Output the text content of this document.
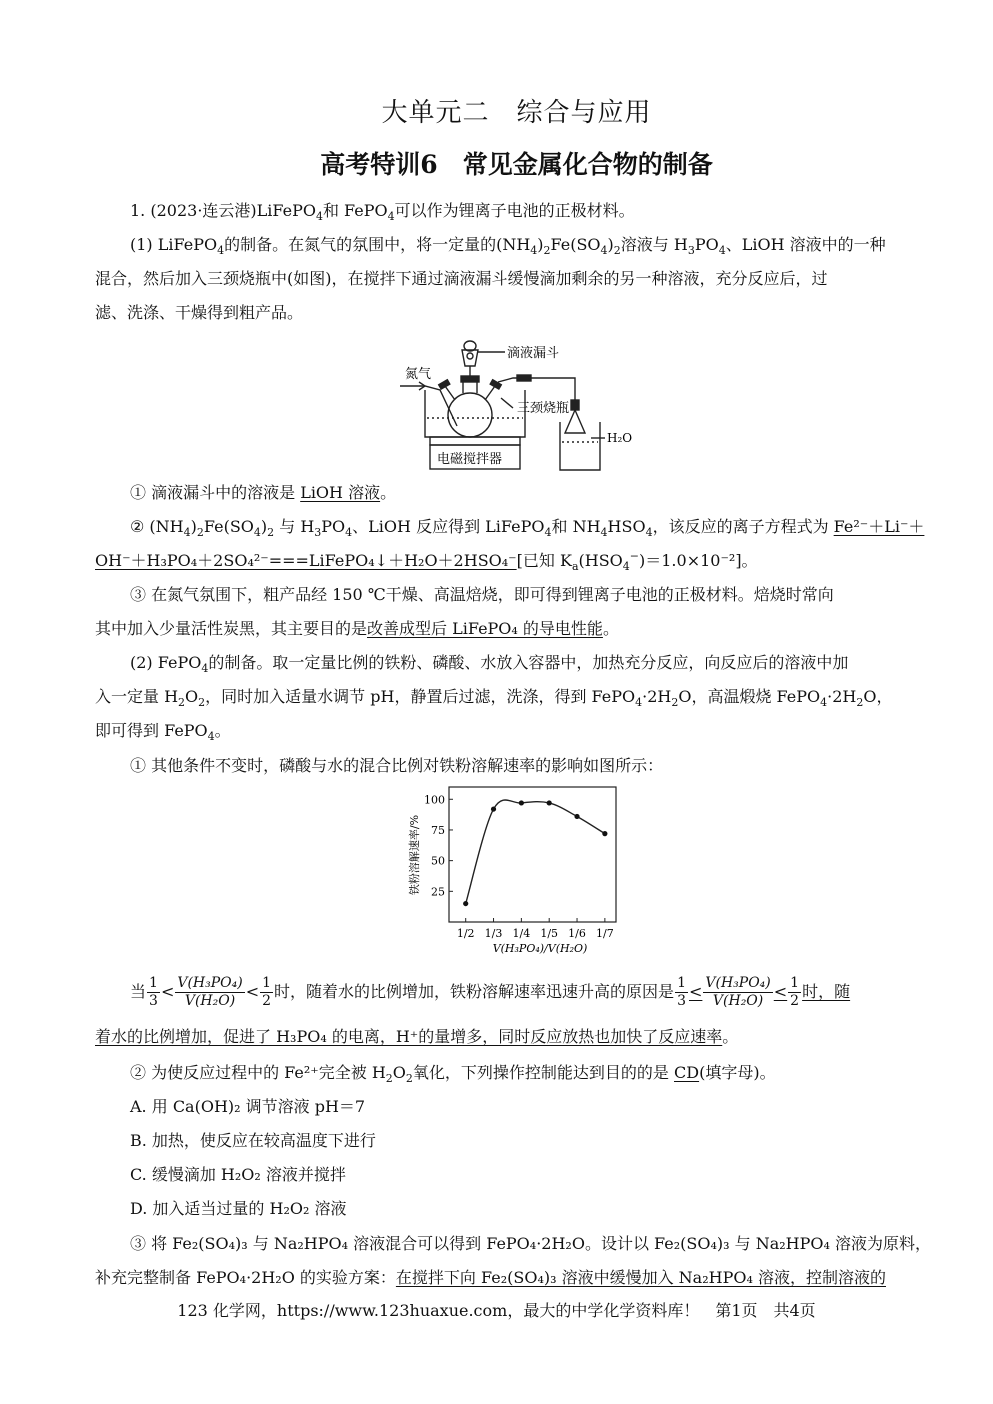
大单元二　综合与应用
高考特训6　常见金属化合物的制备
1. (2023·连云港)LiFePO$_4$和 FePO$_4$可以作为锂离子电池的正极材料。
(1) LiFePO$_4$的制备。在氮气的氛围中，将一定量的$(NH_4)_2Fe(SO_4)_2$溶液与 $H_3PO_4$、LiOH 溶液中的一种
混合，然后加入三颈烧瓶中(如图)，在搅拌下通过滴液漏斗缓慢滴加剩余的另一种溶液，充分反应后，过
滤、洗涤、干燥得到粗产品。
氮气
滴液漏斗
三颈烧瓶
电磁搅拌器
H₂O
① 滴液漏斗中的溶液是 LiOH 溶液。
② $(NH_4)_2Fe(SO_4)_2$ 与 $H_3PO_4$、LiOH 反应得到 LiFePO$_4$和 $NH_4HSO_4$，该反应的离子方程式为 Fe²⁻＋Li⁻＋
OH⁻＋H₃PO₄＋2SO₄²⁻===LiFePO₄↓＋H₂O＋2HSO₄⁻[已知 $K_a(HSO_4^-)=1.0\times 10^{-2}$]。
③ 在氮气氛围下，粗产品经 150 ℃干燥、高温焙烧，即可得到锂离子电池的正极材料。焙烧时常向
其中加入少量活性炭黑，其主要目的是改善成型后 LiFePO₄ 的导电性能。
(2) FePO$_4$的制备。取一定量比例的铁粉、磷酸、水放入容器中，加热充分反应，向反应后的溶液中加
入一定量 $H_2O_2$，同时加入适量水调节 pH，静置后过滤，洗涤，得到 $FePO_4\cdot 2H_2O$，高温煅烧 $FePO_4\cdot 2H_2O$，
即可得到 FePO$_4$。
① 其他条件不变时，磷酸与水的混合比例对铁粉溶解速率的影响如图所示：
25
50
75
100
1/2 1/3 1/4 1/5 1/6 1/7
铁粉溶解速率/%
V(H₃PO₄)/V(H₂O)
当 $\frac{1}{3} < \frac{\text{V(H₃PO₄)}}{\text{V(H₂O)}} < \frac{1}{2}$ 时，随着水的比例增加，铁粉溶解速率迅速升高的原因是 $\frac{1}{3} < \frac{\text{V(H₃PO₄)}}{\text{V(H₂O)}} < \frac{1}{2}$ 时，随
着水的比例增加，促进了 H₃PO₄ 的电离，H⁺的量增多，同时反应放热也加快了反应速率。
② 为使反应过程中的 Fe²⁺完全被 $H_2O_2$氧化，下列操作控制能达到目的的是 CD(填字母)。
A. 用 Ca(OH)₂ 调节溶液 pH＝7
B. 加热，使反应在较高温度下进行
C. 缓慢滴加 H₂O₂ 溶液并搅拌
D. 加入适当过量的 H₂O₂ 溶液
③ 将 Fe₂(SO₄)₃ 与 Na₂HPO₄ 溶液混合可以得到 FePO₄·2H₂O。设计以 Fe₂(SO₄)₃ 与 Na₂HPO₄ 溶液为原料，
补充完整制备 FePO₄·2H₂O 的实验方案：在搅拌下向 Fe₂(SO₄)₃ 溶液中缓慢加入 Na₂HPO₄ 溶液，控制溶液的
123 化学网，https://www.123huaxue.com，最大的中学化学资料库！　第1页　共4页
